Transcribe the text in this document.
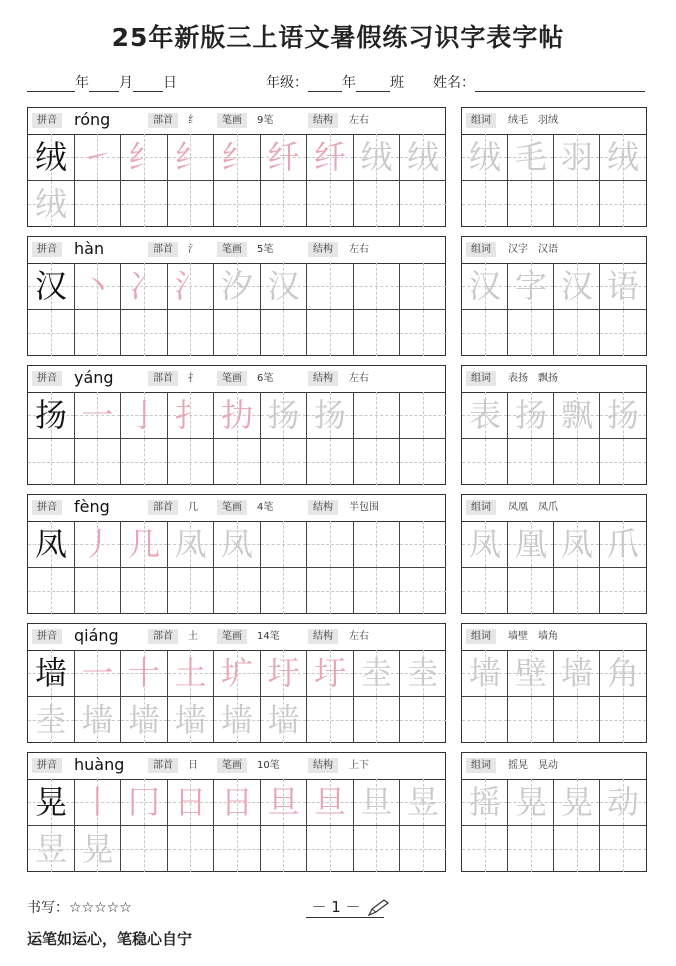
25年新版三上语文暑假练习识字表字帖
年 月 日	年级： 年 班 姓名：
拼音	róng	部首	纟	笔画	9笔	结构	左右
绒 ㇀ 纟 纟 纟 纤 纤 绒 绒
绒
组词	绒毛　羽绒
绒 毛 羽 绒
拼音	hàn	部首	氵	笔画	5笔	结构	左右
汉 丶 冫 氵 汐 汉
组词	汉字　汉语
汉 字 汉 语
拼音	yáng	部首	扌	笔画	6笔	结构	左右
扬 一 亅 扌 扐 扬 扬
组词	表扬　飘扬
表 扬 飘 扬
拼音	fèng	部首	几	笔画	4笔	结构	半包围
凤 丿 几 凤 凤
组词	凤凰　凤爪
凤 凰 凤 爪
拼音	qiáng	部首	土	笔画	14笔	结构	左右
墙 一 十 土 圹 圩 圩 坴 坴
坴 墙 墙 墙 墙 墙
组词	墙壁　墙角
墙 壁 墙 角
拼音	huàng	部首	日	笔画	10笔	结构	上下
晃 丨 冂 日 日 旦 旦 旦 昱
昱 晃
组词	摇晃　晃动
摇 晃 晃 动
书写：☆☆☆☆☆	－ 1 －
运笔如运心，笔稳心自宁
